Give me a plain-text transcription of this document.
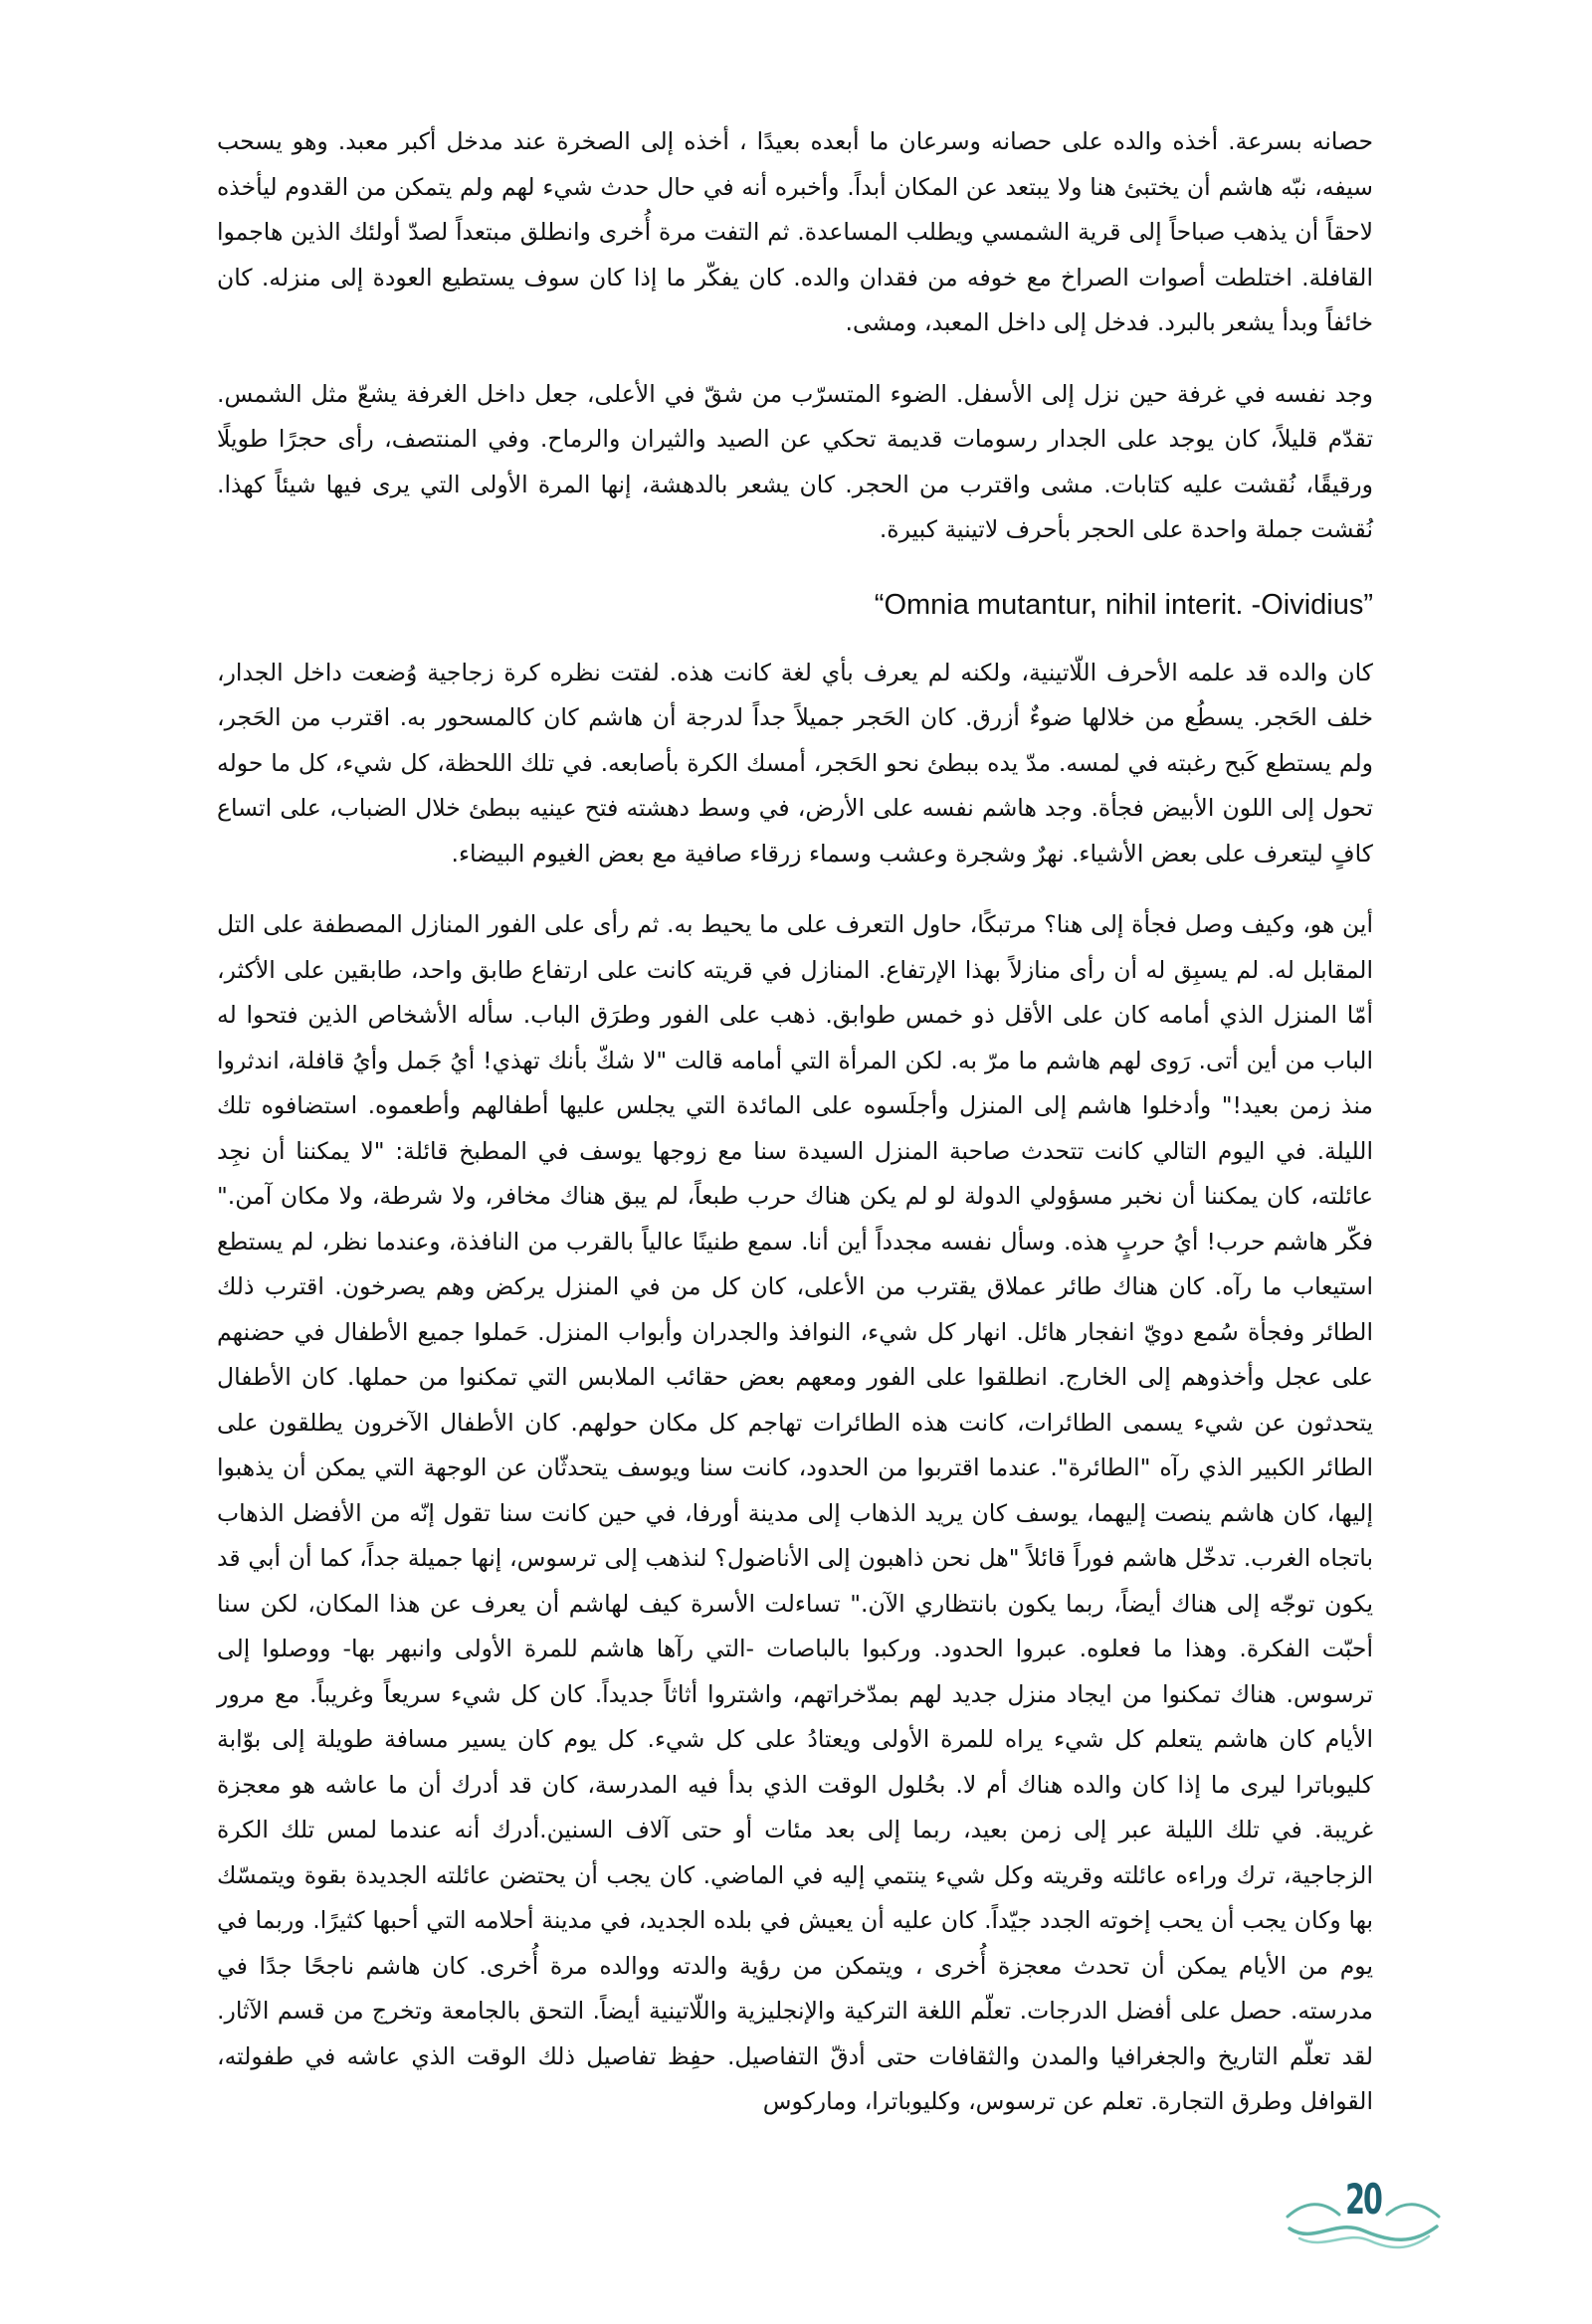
حصانه بسرعة. أخذه والده على حصانه وسرعان ما أبعده بعيدًا ، أخذه إلى الصخرة عند مدخل أكبر معبد. وهو يسحب سيفه، نبّه هاشم أن يختبئ هنا ولا يبتعد عن المكان أبداً. وأخبره أنه في حال حدث شيء لهم ولم يتمكن من القدوم ليأخذه لاحقاً أن يذهب صباحاً إلى قرية الشمسي ويطلب المساعدة. ثم التفت مرة أُخرى وانطلق مبتعداً لصدّ أولئك الذين هاجموا القافلة. اختلطت أصوات الصراخ مع خوفه من فقدان والده. كان يفكّر ما إذا كان سوف يستطيع العودة إلى منزله. كان خائفاً وبدأ يشعر بالبرد. فدخل إلى داخل المعبد، ومشى.

وجد نفسه في غرفة حين نزل إلى الأسفل. الضوء المتسرّب من شقّ في الأعلى، جعل داخل الغرفة يشعّ مثل الشمس. تقدّم قليلاً، كان يوجد على الجدار رسومات قديمة تحكي عن الصيد والثيران والرماح. وفي المنتصف، رأى حجرًا طويلًا ورقيقًا، نُقشت عليه كتابات. مشى واقترب من الحجر. كان يشعر بالدهشة، إنها المرة الأولى التي يرى فيها شيئاً كهذا. نُقشت جملة واحدة على الحجر بأحرف لاتينية كبيرة.

“Omnia mutantur, nihil interit. -Oividius”

كان والده قد علمه الأحرف اللّاتينية، ولكنه لم يعرف بأي لغة كانت هذه. لفتت نظره كرة زجاجية وُضعت داخل الجدار، خلف الحَجر. يسطُع من خلالها ضوءٌ أزرق. كان الحَجر جميلاً جداً لدرجة أن هاشم كان كالمسحور به. اقترب من الحَجر، ولم يستطع كَبح رغبته في لمسه. مدّ يده ببطئ نحو الحَجر، أمسك الكرة بأصابعه. في تلك اللحظة، كل شيء، كل ما حوله تحول إلى اللون الأبيض فجأة. وجد هاشم نفسه على الأرض، في وسط دهشته فتح عينيه ببطئ خلال الضباب، على اتساع كافٍ ليتعرف على بعض الأشياء. نهرٌ وشجرة وعشب وسماء زرقاء صافية مع بعض الغيوم البيضاء.

أين هو، وكيف وصل فجأة إلى هنا؟ مرتبكًا، حاول التعرف على ما يحيط به. ثم رأى على الفور المنازل المصطفة على التل المقابل له. لم يسبِق له أن رأى منازلاً بهذا الإرتفاع. المنازل في قريته كانت على ارتفاع طابق واحد، طابقين على الأكثر، أمّا المنزل الذي أمامه كان على الأقل ذو خمس طوابق. ذهب على الفور وطرَق الباب. سأله الأشخاص الذين فتحوا له الباب من أين أتى. رَوى لهم هاشم ما مرّ به. لكن المرأة التي أمامه قالت "لا شكّ بأنك تهذي! أيُ جَمل وأيُ قافلة، اندثروا منذ زمن بعيد!" وأدخلوا هاشم إلى المنزل وأجلَسوه على المائدة التي يجلس عليها أطفالهم وأطعموه. استضافوه تلك الليلة. في اليوم التالي كانت تتحدث صاحبة المنزل السيدة سنا مع زوجها يوسف في المطبخ قائلة: "لا يمكننا أن نجِد عائلته، كان يمكننا أن نخبر مسؤولي الدولة لو لم يكن هناك حرب طبعاً، لم يبق هناك مخافر، ولا شرطة، ولا مكان آمن." فكّر هاشم حرب! أيُ حربٍ هذه. وسأل نفسه مجدداً أين أنا. سمع طنينًا عالياً بالقرب من النافذة، وعندما نظر، لم يستطع استيعاب ما رآه. كان هناك طائر عملاق يقترب من الأعلى، كان كل من في المنزل يركض وهم يصرخون. اقترب ذلك الطائر وفجأة سُمع دويّ انفجار هائل. انهار كل شيء، النوافذ والجدران وأبواب المنزل. حَملوا جميع الأطفال في حضنهم على عجل وأخذوهم إلى الخارج. انطلقوا على الفور ومعهم بعض حقائب الملابس التي تمكنوا من حملها. كان الأطفال يتحدثون عن شيء يسمى الطائرات، كانت هذه الطائرات تهاجم كل مكان حولهم. كان الأطفال الآخرون يطلقون على الطائر الكبير الذي رآه "الطائرة". عندما اقتربوا من الحدود، كانت سنا ويوسف يتحدثّان عن الوجهة التي يمكن أن يذهبوا إليها، كان هاشم ينصت إليهما، يوسف كان يريد الذهاب إلى مدينة أورفا، في حين كانت سنا تقول إنّه من الأفضل الذهاب باتجاه الغرب. تدخّل هاشم فوراً قائلاً "هل نحن ذاهبون إلى الأناضول؟ لنذهب إلى ترسوس، إنها جميلة جداً، كما أن أبي قد يكون توجّه إلى هناك أيضاً، ربما يكون بانتظاري الآن." تساءلت الأسرة كيف لهاشم أن يعرف عن هذا المكان، لكن سنا أحبّت الفكرة. وهذا ما فعلوه. عبروا الحدود. وركبوا بالباصات -التي رآها هاشم للمرة الأولى وانبهر بها- ووصلوا إلى ترسوس. هناك تمكنوا من ايجاد منزل جديد لهم بمدّخراتهم، واشتروا أثاثاً جديداً. كان كل شيء سريعاً وغريباً. مع مرور الأيام كان هاشم يتعلم كل شيء يراه للمرة الأولى ويعتادُ على كل شيء. كل يوم كان يسير مسافة طويلة إلى بوّابة كليوباترا ليرى ما إذا كان والده هناك أم لا. بحُلول الوقت الذي بدأ فيه المدرسة، كان قد أدرك أن ما عاشه هو معجزة غريبة. في تلك الليلة عبر إلى زمن بعيد، ربما إلى بعد مئات أو حتى آلاف السنين.أدرك أنه عندما لمس تلك الكرة الزجاجية، ترك وراءه عائلته وقريته وكل شيء ينتمي إليه في الماضي. كان يجب أن يحتضن عائلته الجديدة بقوة ويتمسّك بها وكان يجب أن يحب إخوته الجدد جيّداً. كان عليه أن يعيش في بلده الجديد، في مدينة أحلامه التي أحبها كثيرًا. وربما في يوم من الأيام يمكن أن تحدث معجزة أُخرى ، ويتمكن من رؤية والدته ووالده مرة أُخرى. كان هاشم ناجحًا جدًا في مدرسته. حصل على أفضل الدرجات. تعلّم اللغة التركية والإنجليزية واللّاتينية أيضاً. التحق بالجامعة وتخرج من قسم الآثار. لقد تعلّم التاريخ والجغرافيا والمدن والثقافات حتى أدقّ التفاصيل. حفِظ تفاصيل ذلك الوقت الذي عاشه في طفولته، القوافل وطرق التجارة. تعلم عن ترسوس، وكليوباترا، وماركوس

20
